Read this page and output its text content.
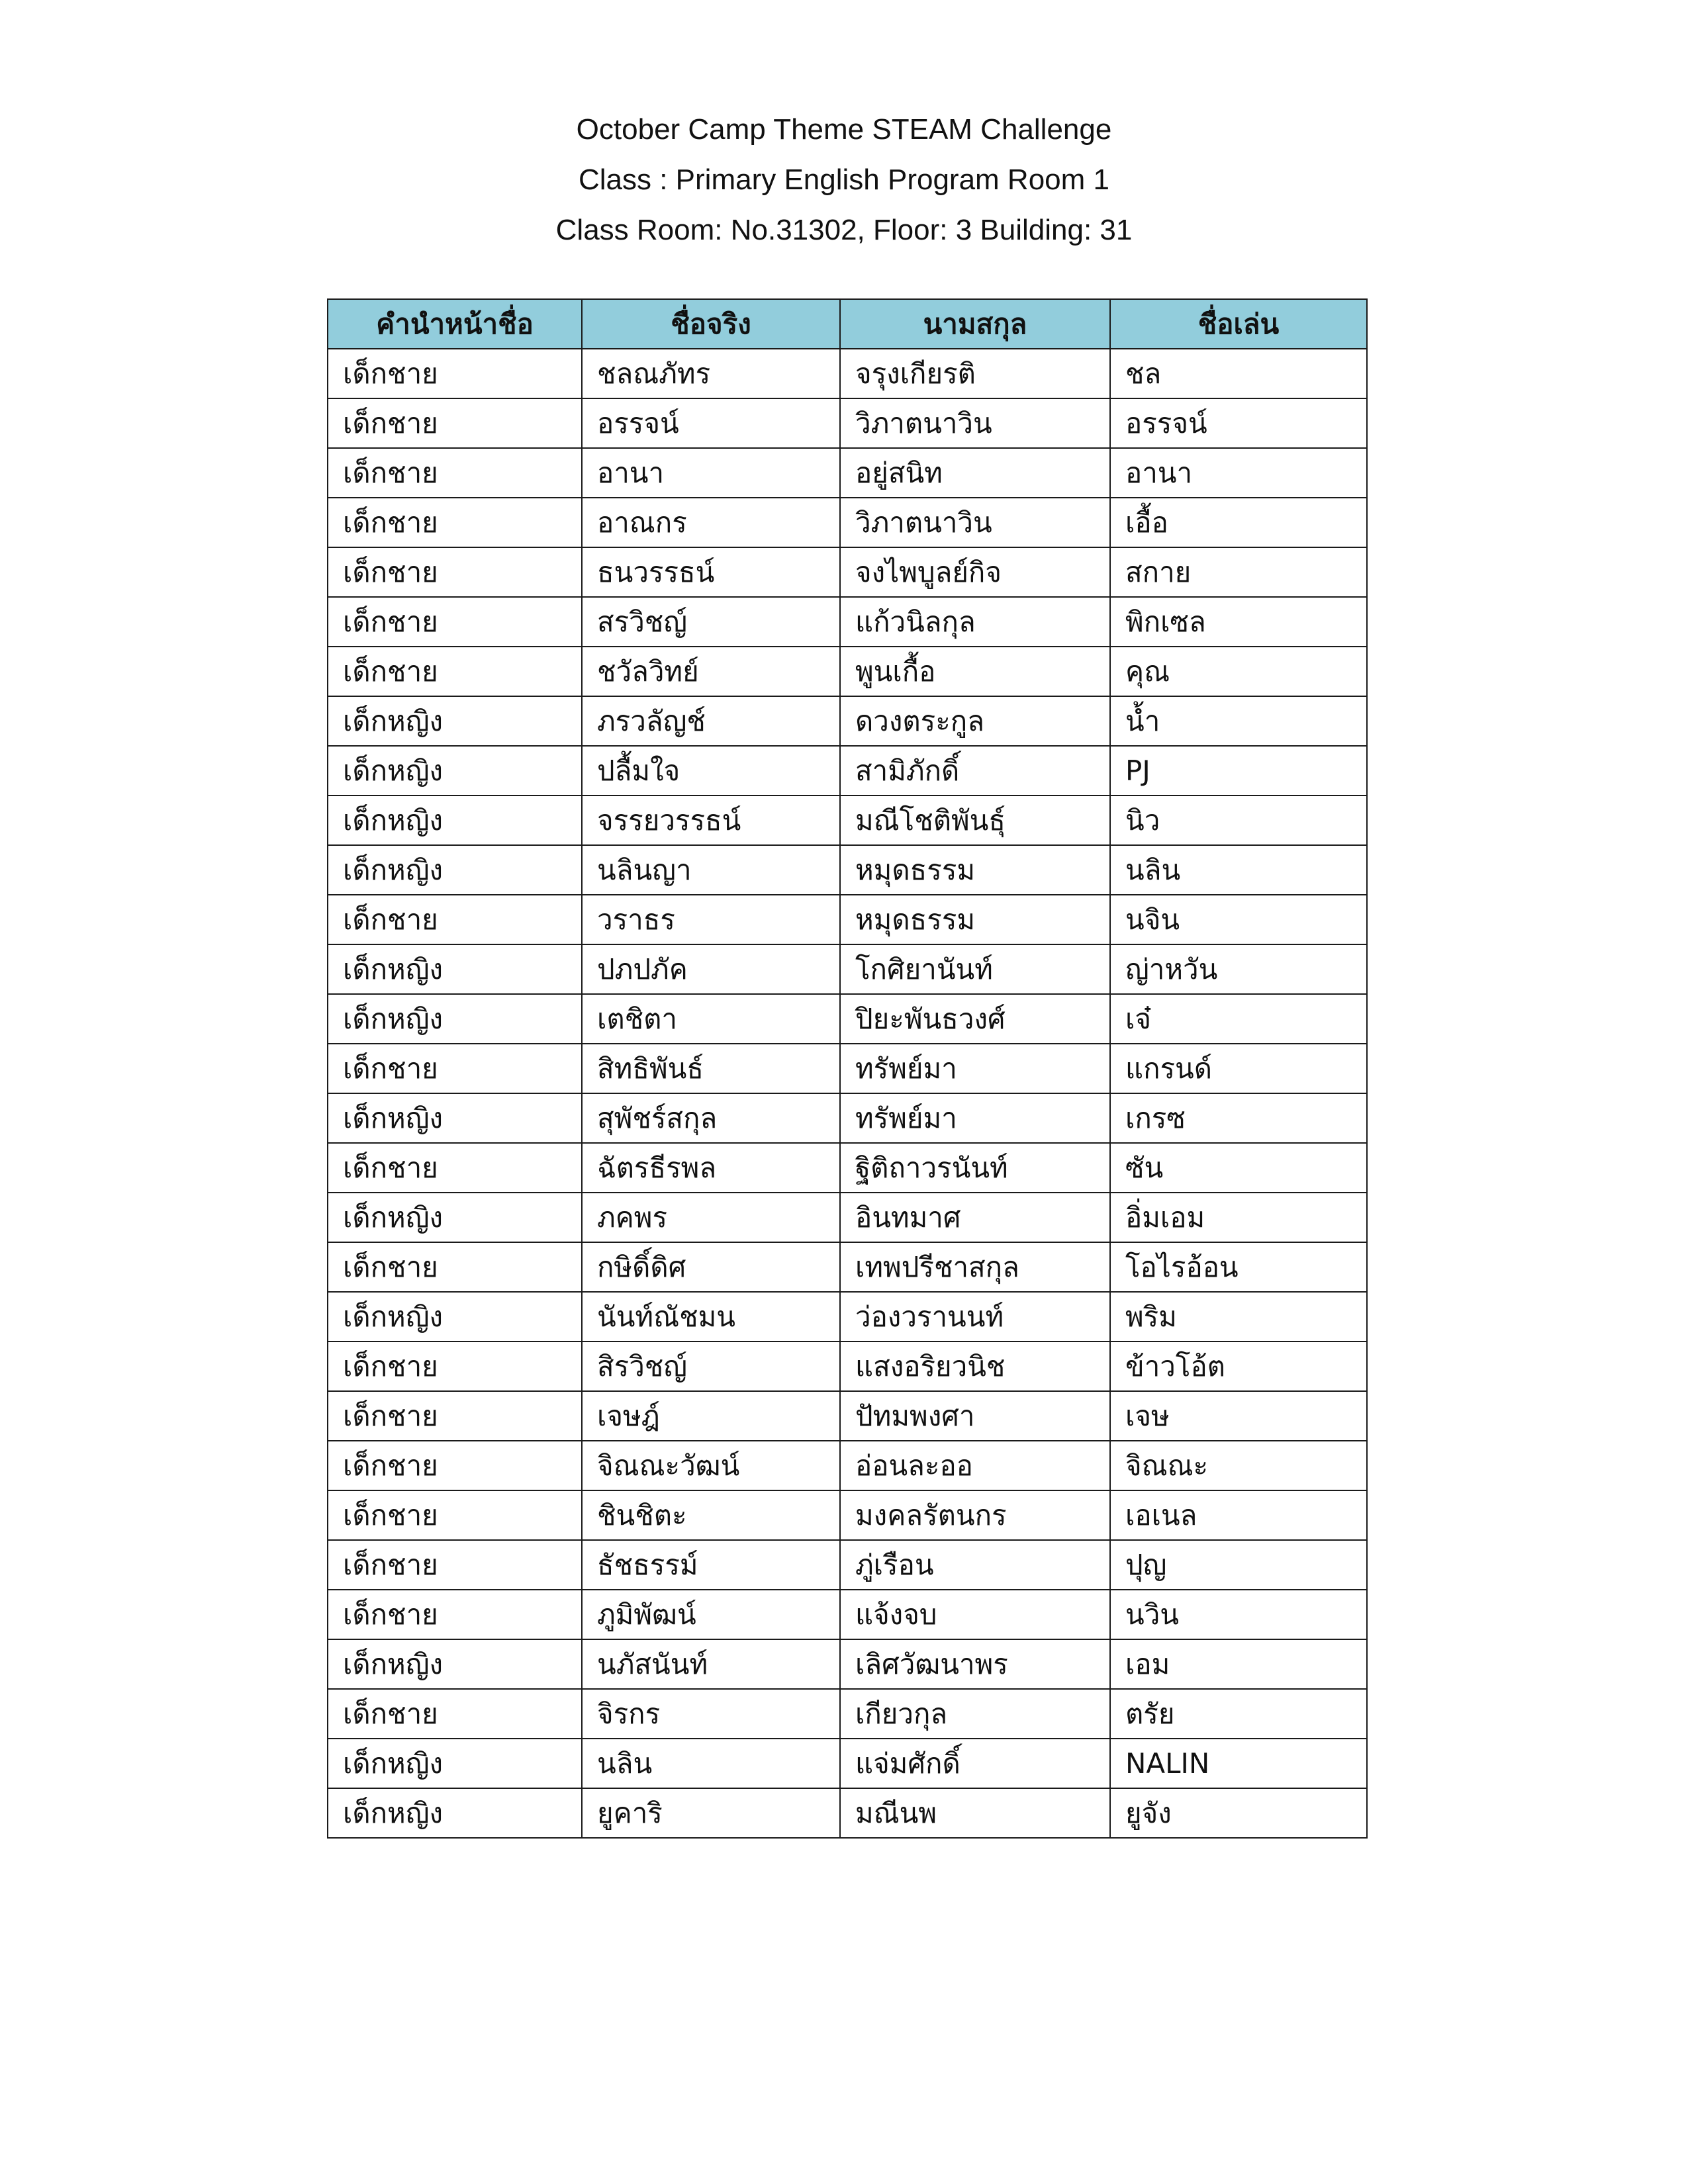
October Camp Theme STEAM Challenge
Class : Primary English Program Room 1
Class Room: No.31302, Floor: 3 Building: 31
คำนำหน้าชื่อ	ชื่อจริง	นามสกุล	ชื่อเล่น
เด็กชาย	ชลณภัทร	จรุงเกียรติ	ชล
เด็กชาย	อรรจน์	วิภาตนาวิน	อรรจน์
เด็กชาย	อานา	อยู่สนิท	อานา
เด็กชาย	อาณกร	วิภาตนาวิน	เอื้อ
เด็กชาย	ธนวรรธน์	จงไพบูลย์กิจ	สกาย
เด็กชาย	สรวิชญ์	แก้วนิลกุล	พิกเซล
เด็กชาย	ชวัลวิทย์	พูนเกื้อ	คุณ
เด็กหญิง	ภรวลัญช์	ดวงตระกูล	น้ำ
เด็กหญิง	ปลื้มใจ	สามิภักดิ์	PJ
เด็กหญิง	จรรยวรรธน์	มณีโชติพันธุ์	นิว
เด็กหญิง	นลินญา	หมุดธรรม	นลิน
เด็กชาย	วราธร	หมุดธรรม	นจิน
เด็กหญิง	ปภปภัค	โกศิยานันท์	ญ่าหวัน
เด็กหญิง	เตชิตา	ปิยะพันธวงศ์	เจ๋
เด็กชาย	สิทธิพันธ์	ทรัพย์มา	แกรนด์
เด็กหญิง	สุพัชร์สกุล	ทรัพย์มา	เกรซ
เด็กชาย	ฉัตรธีรพล	ฐิติถาวรนันท์	ซัน
เด็กหญิง	ภคพร	อินทมาศ	อิ่มเอม
เด็กชาย	กษิดิ์ดิศ	เทพปรีชาสกุล	โอไรอ้อน
เด็กหญิง	นันท์ณัชมน	ว่องวรานนท์	พริม
เด็กชาย	สิรวิชญ์	แสงอริยวนิช	ข้าวโอ้ต
เด็กชาย	เจษฎ์	ปัทมพงศา	เจษ
เด็กชาย	จิณณะวัฒน์	อ่อนละออ	จิณณะ
เด็กชาย	ชินชิตะ	มงคลรัตนกร	เอเนล
เด็กชาย	ธัชธรรม์	ภู่เรือน	ปุญ
เด็กชาย	ภูมิพัฒน์	แจ้งจบ	นวิน
เด็กหญิง	นภัสนันท์	เลิศวัฒนาพร	เอม
เด็กชาย	จิรกร	เกียวกุล	ตรัย
เด็กหญิง	นลิน	แจ่มศักดิ์	NALIN
เด็กหญิง	ยูคาริ	มณีนพ	ยูจัง
